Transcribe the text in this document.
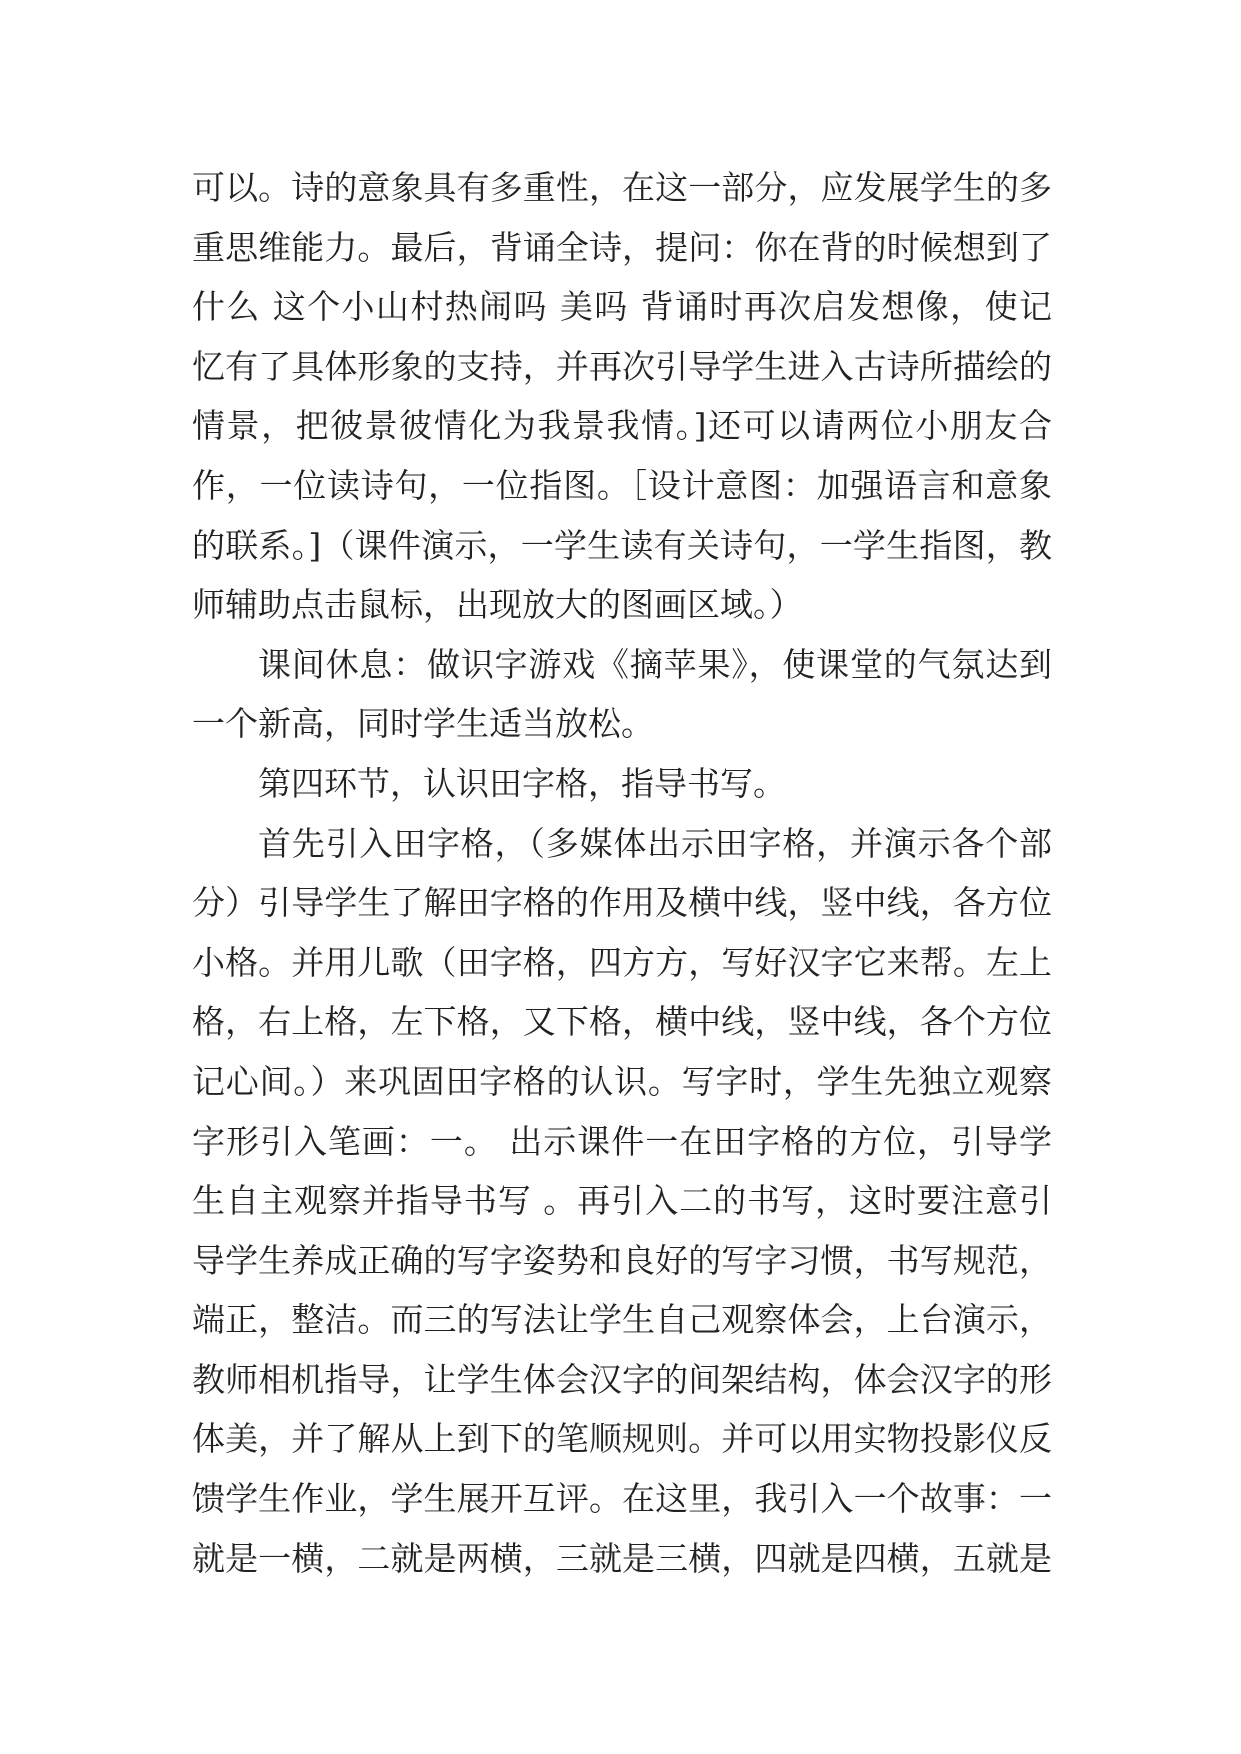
可以。诗的意象具有多重性，在这一部分，应发展学生的多
重思维能力。最后，背诵全诗，提问：你在背的时候想到了
什么 这个小山村热闹吗 美吗 背诵时再次启发想像，使记
忆有了具体形象的支持，并再次引导学生进入古诗所描绘的
情景，把彼景彼情化为我景我情。]还可以请两位小朋友合
作，一位读诗句，一位指图。［设计意图：加强语言和意象
的联系。]（课件演示，一学生读有关诗句，一学生指图，教
师辅助点击鼠标，出现放大的图画区域。）
课间休息：做识字游戏《摘苹果》，使课堂的气氛达到
一个新高，同时学生适当放松。
第四环节，认识田字格，指导书写。
首先引入田字格，（多媒体出示田字格，并演示各个部
分）引导学生了解田字格的作用及横中线，竖中线，各方位
小格。并用儿歌（田字格，四方方，写好汉字它来帮。左上
格，右上格，左下格，又下格，横中线，竖中线，各个方位
记心间。）来巩固田字格的认识。写字时，学生先独立观察
字形引入笔画：一。 出示课件一在田字格的方位，引导学
生自主观察并指导书写 。再引入二的书写，这时要注意引
导学生养成正确的写字姿势和良好的写字习惯，书写规范，
端正，整洁。而三的写法让学生自己观察体会，上台演示，
教师相机指导，让学生体会汉字的间架结构，体会汉字的形
体美，并了解从上到下的笔顺规则。并可以用实物投影仪反
馈学生作业，学生展开互评。在这里，我引入一个故事：一
就是一横，二就是两横，三就是三横，四就是四横，五就是
